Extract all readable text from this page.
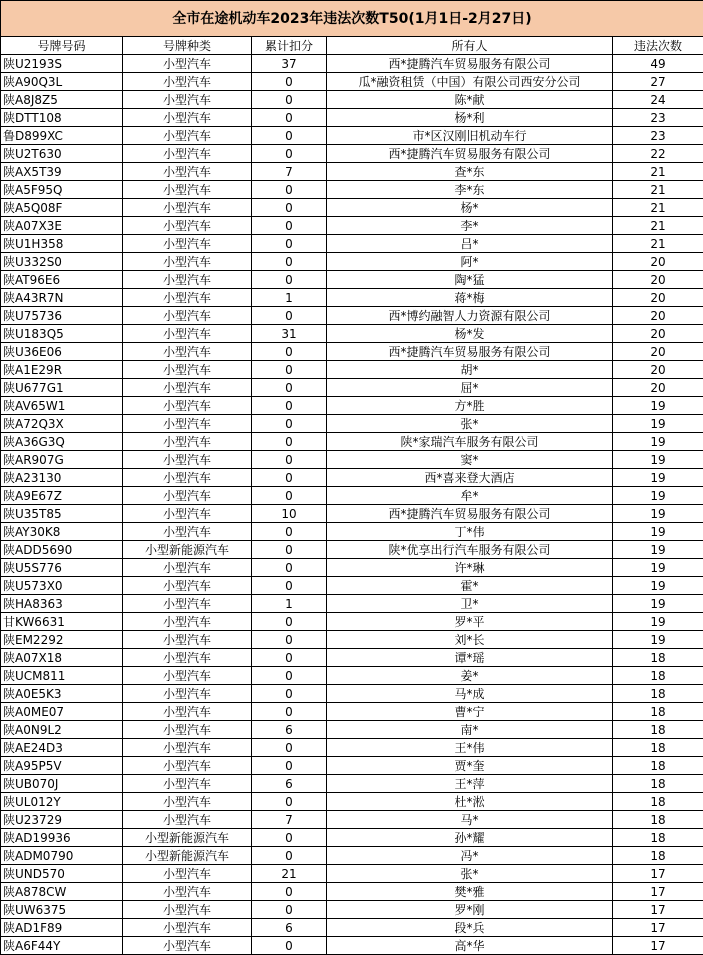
全市在途机动车2023年违法次数T50(1月1日-2月27日)				
号牌号码	号牌种类	累计扣分	所有人	违法次数
陕U2193S	小型汽车	37	西*捷腾汽车贸易服务有限公司	49
陕A90Q3L	小型汽车	0	瓜*融资租赁（中国）有限公司西安分公司	27
陕A8J8Z5	小型汽车	0	陈*献	24
陕DTT108	小型汽车	0	杨*利	23
鲁D899XC	小型汽车	0	市*区汉刚旧机动车行	23
陕U2T630	小型汽车	0	西*捷腾汽车贸易服务有限公司	22
陕AX5T39	小型汽车	7	查*东	21
陕A5F95Q	小型汽车	0	李*东	21
陕A5Q08F	小型汽车	0	杨*	21
陕A07X3E	小型汽车	0	李*	21
陕U1H358	小型汽车	0	吕*	21
陕U332S0	小型汽车	0	阿*	20
陕AT96E6	小型汽车	0	陶*猛	20
陕A43R7N	小型汽车	1	蒋*梅	20
陕U75736	小型汽车	0	西*博约融智人力资源有限公司	20
陕U183Q5	小型汽车	31	杨*发	20
陕U36E06	小型汽车	0	西*捷腾汽车贸易服务有限公司	20
陕A1E29R	小型汽车	0	胡*	20
陕U677G1	小型汽车	0	屈*	20
陕AV65W1	小型汽车	0	方*胜	19
陕A72Q3X	小型汽车	0	张*	19
陕A36G3Q	小型汽车	0	陕*家瑞汽车服务有限公司	19
陕AR907G	小型汽车	0	窦*	19
陕A23130	小型汽车	0	西*喜来登大酒店	19
陕A9E67Z	小型汽车	0	牟*	19
陕U35T85	小型汽车	10	西*捷腾汽车贸易服务有限公司	19
陕AY30K8	小型汽车	0	丁*伟	19
陕ADD5690	小型新能源汽车	0	陕*优享出行汽车服务有限公司	19
陕U5S776	小型汽车	0	许*琳	19
陕U573X0	小型汽车	0	霍*	19
陕HA8363	小型汽车	1	卫*	19
甘KW6631	小型汽车	0	罗*平	19
陕EM2292	小型汽车	0	刘*长	19
陕A07X18	小型汽车	0	谭*瑶	18
陕UCM811	小型汽车	0	姜*	18
陕A0E5K3	小型汽车	0	马*成	18
陕A0ME07	小型汽车	0	曹*宁	18
陕A0N9L2	小型汽车	6	南*	18
陕AE24D3	小型汽车	0	王*伟	18
陕A95P5V	小型汽车	0	贾*奎	18
陕UB070J	小型汽车	6	王*萍	18
陕UL012Y	小型汽车	0	杜*淞	18
陕U23729	小型汽车	7	马*	18
陕AD19936	小型新能源汽车	0	孙*耀	18
陕ADM0790	小型新能源汽车	0	冯*	18
陕UND570	小型汽车	21	张*	17
陕A878CW	小型汽车	0	樊*雅	17
陕UW6375	小型汽车	0	罗*刚	17
陕AD1F89	小型汽车	6	段*兵	17
陕A6F44Y	小型汽车	0	高*华	17
